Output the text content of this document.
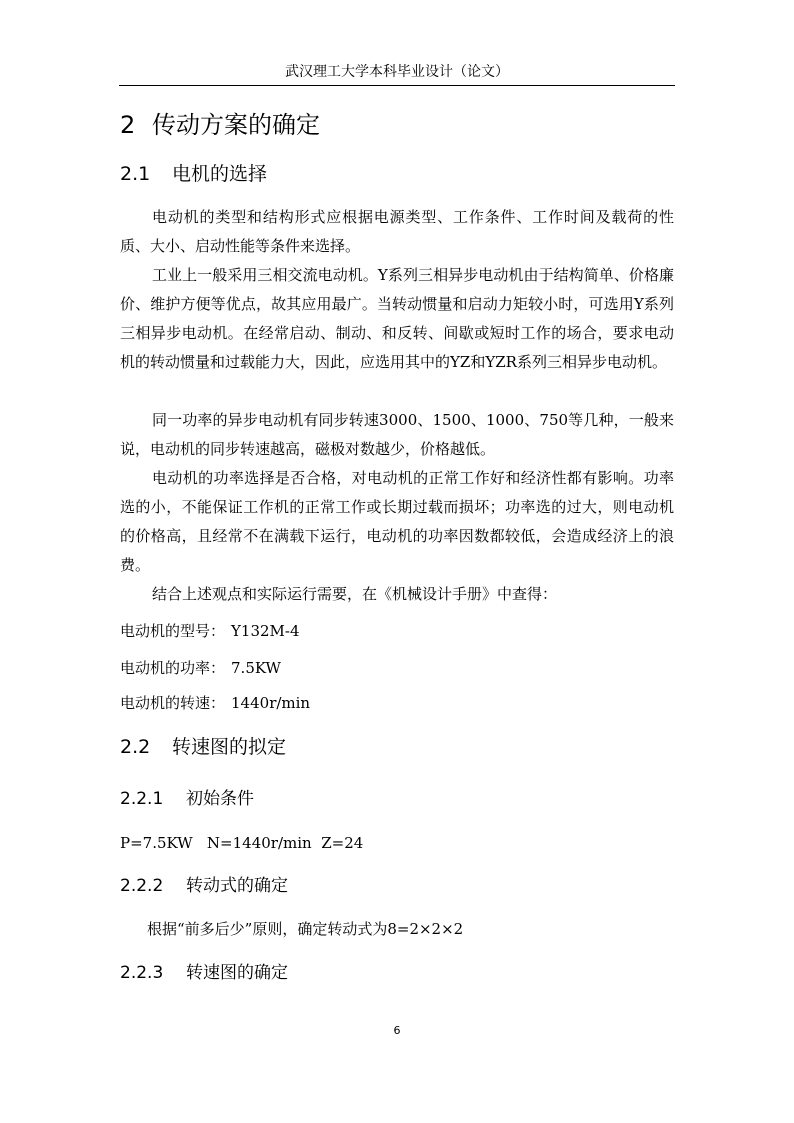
武汉理工大学本科毕业设计（论文）
2 传动方案的确定
2.1 电机的选择

电动机的类型和结构形式应根据电源类型、工作条件、工作时间及载荷的性质、大小、启动性能等条件来选择。

工业上一般采用三相交流电动机。Y系列三相异步电动机由于结构简单、价格廉价、维护方便等优点，故其应用最广。当转动惯量和启动力矩较小时，可选用Y系列三相异步电动机。在经常启动、制动、和反转、间歇或短时工作的场合，要求电动机的转动惯量和过载能力大，因此，应选用其中的YZ和YZR系列三相异步电动机。

同一功率的异步电动机有同步转速3000、1500、1000、750等几种，一般来说，电动机的同步转速越高，磁极对数越少，价格越低。

电动机的功率选择是否合格，对电动机的正常工作好和经济性都有影响。功率选的小，不能保证工作机的正常工作或长期过载而损坏；功率选的过大，则电动机的价格高，且经常不在满载下运行，电动机的功率因数都较低，会造成经济上的浪费。

结合上述观点和实际运行需要，在《机械设计手册》中查得：

电动机的型号： Y132M-4
电动机的功率： 7.5KW
电动机的转速： 1440r/min
2.2 转速图的拟定
2.2.1 初始条件
P=7.5KW   N=1440r/min  Z=24
2.2.2 转动式的确定
根据“前多后少”原则，确定转动式为8=2×2×2
2.2.3 转速图的确定
6
